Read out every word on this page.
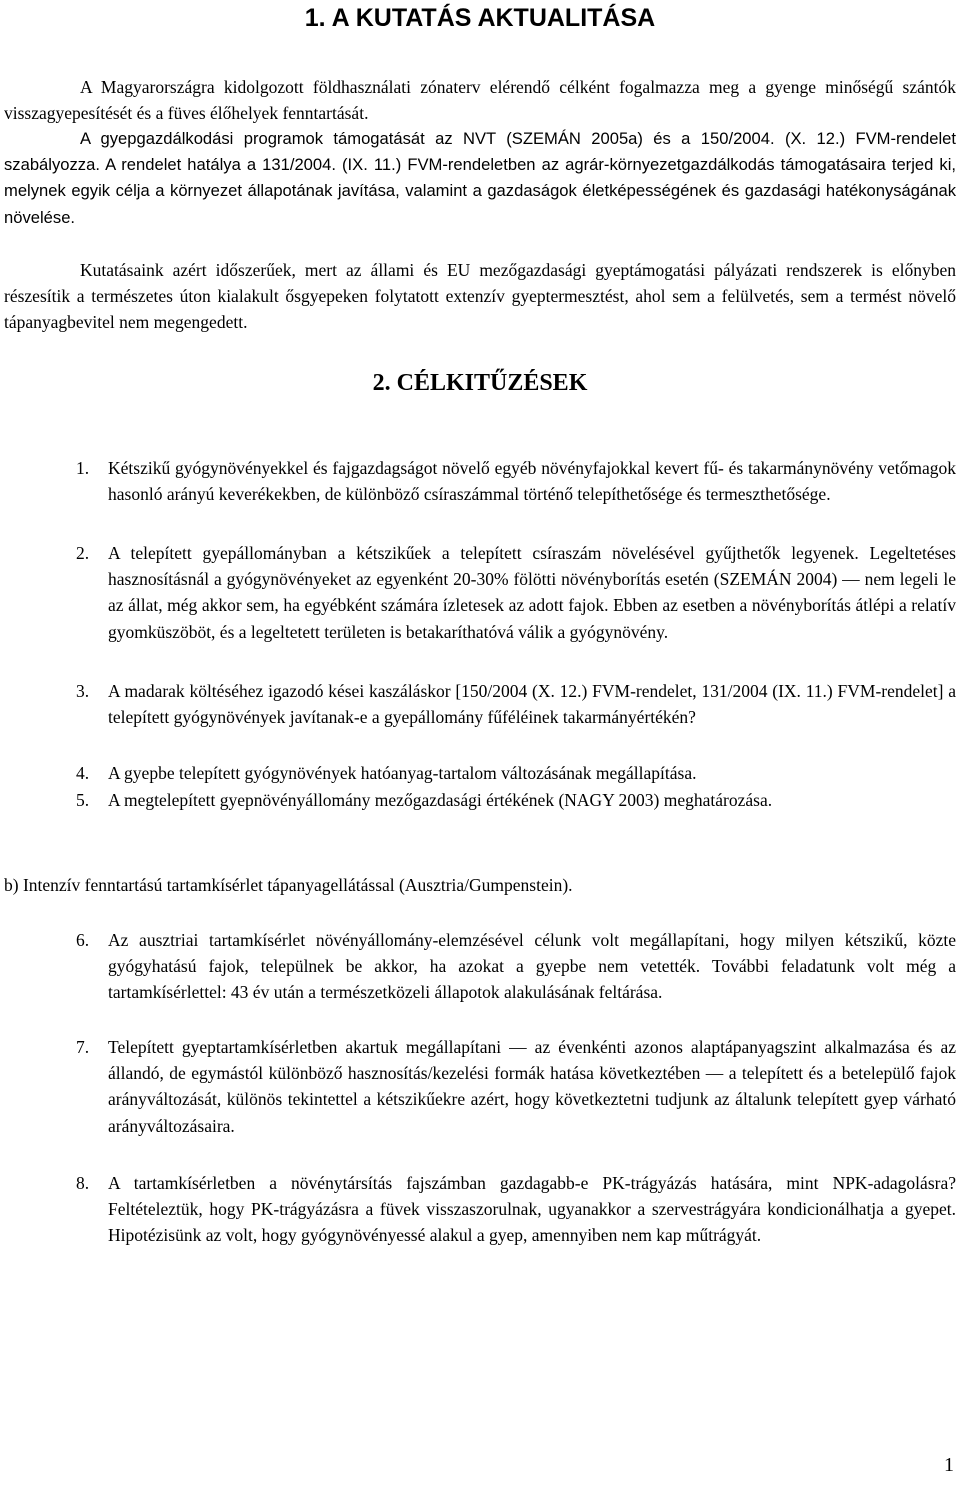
1. A KUTATÁS AKTUALITÁSA

A Magyarországra kidolgozott földhasználati zónaterv elérendő célként fogalmazza meg a gyenge minőségű szántók visszagyepesítését és a füves élőhelyek fenntartását.

A gyepgazdálkodási programok támogatását az NVT (SZEMÁN 2005a) és a 150/2004. (X. 12.) FVM-rendelet szabályozza. A rendelet hatálya a 131/2004. (IX. 11.) FVM-rendeletben az agrár-környezetgazdálkodás támogatásaira terjed ki, melynek egyik célja a környezet állapotának javítása, valamint a gazdaságok életképességének és gazdasági hatékonyságának növelése.

Kutatásaink azért időszerűek, mert az állami és EU mezőgazdasági gyeptámogatási pályázati rendszerek is előnyben részesítik a természetes úton kialakult ősgyepeken folytatott extenzív gyeptermesztést, ahol sem a felülvetés, sem a termést növelő tápanyagbevitel nem megengedett.

2. CÉLKITŰZÉSEK
1.	Kétszikű gyógynövényekkel és fajgazdagságot növelő egyéb növényfajokkal kevert fű- és takarmánynövény vetőmagok hasonló arányú keverékekben, de különböző csíraszámmal történő telepíthetősége és termeszthetősége.
2.	A telepített gyepállományban a kétszikűek a telepített csíraszám növelésével gyűjthetők legyenek. Legeltetéses hasznosításnál a gyógynövényeket az egyenként 20-30% fölötti növényborítás esetén (SZEMÁN 2004) — nem legeli le az állat, még akkor sem, ha egyébként számára ízletesek az adott fajok. Ebben az esetben a növényborítás átlépi a relatív gyomküszöböt, és a legeltetett területen is betakaríthatóvá válik a gyógynövény.
3.	A madarak költéséhez igazodó kései kaszáláskor [150/2004 (X. 12.) FVM-rendelet, 131/2004 (IX. 11.) FVM-rendelet] a telepített gyógynövények javítanak-e a gyepállomány fűféléinek takarmányértékén?
4.	A gyepbe telepített gyógynövények hatóanyag-tartalom változásának megállapítása.
5.	A megtelepített gyepnövényállomány mezőgazdasági értékének (NAGY 2003) meghatározása.

b) Intenzív fenntartású tartamkísérlet tápanyagellátással (Ausztria/Gumpenstein).

6.	Az ausztriai tartamkísérlet növényállomány-elemzésével célunk volt megállapítani, hogy milyen kétszikű, közte gyógyhatású fajok, települnek be akkor, ha azokat a gyepbe nem vetették. További feladatunk volt még a tartamkísérlettel: 43 év után a természetközeli állapotok alakulásának feltárása.
7.	Telepített gyeptartamkísérletben akartuk megállapítani — az évenkénti azonos alaptápanyagszint alkalmazása és az állandó, de egymástól különböző hasznosítás/kezelési formák hatása következtében — a telepített és a betelepülő fajok arányváltozását, különös tekintettel a kétszikűekre azért, hogy következtetni tudjunk az általunk telepített gyep várható arányváltozásaira.
8.	A tartamkísérletben a növénytársítás fajszámban gazdagabb-e PK-trágyázás hatására, mint NPK-adagolásra? Feltételeztük, hogy PK-trágyázásra a füvek visszaszorulnak, ugyanakkor a szervestrágyára kondicionálhatja a gyepet. Hipotézisünk az volt, hogy gyógynövényessé alakul a gyep, amennyiben nem kap műtrágyát.
1
